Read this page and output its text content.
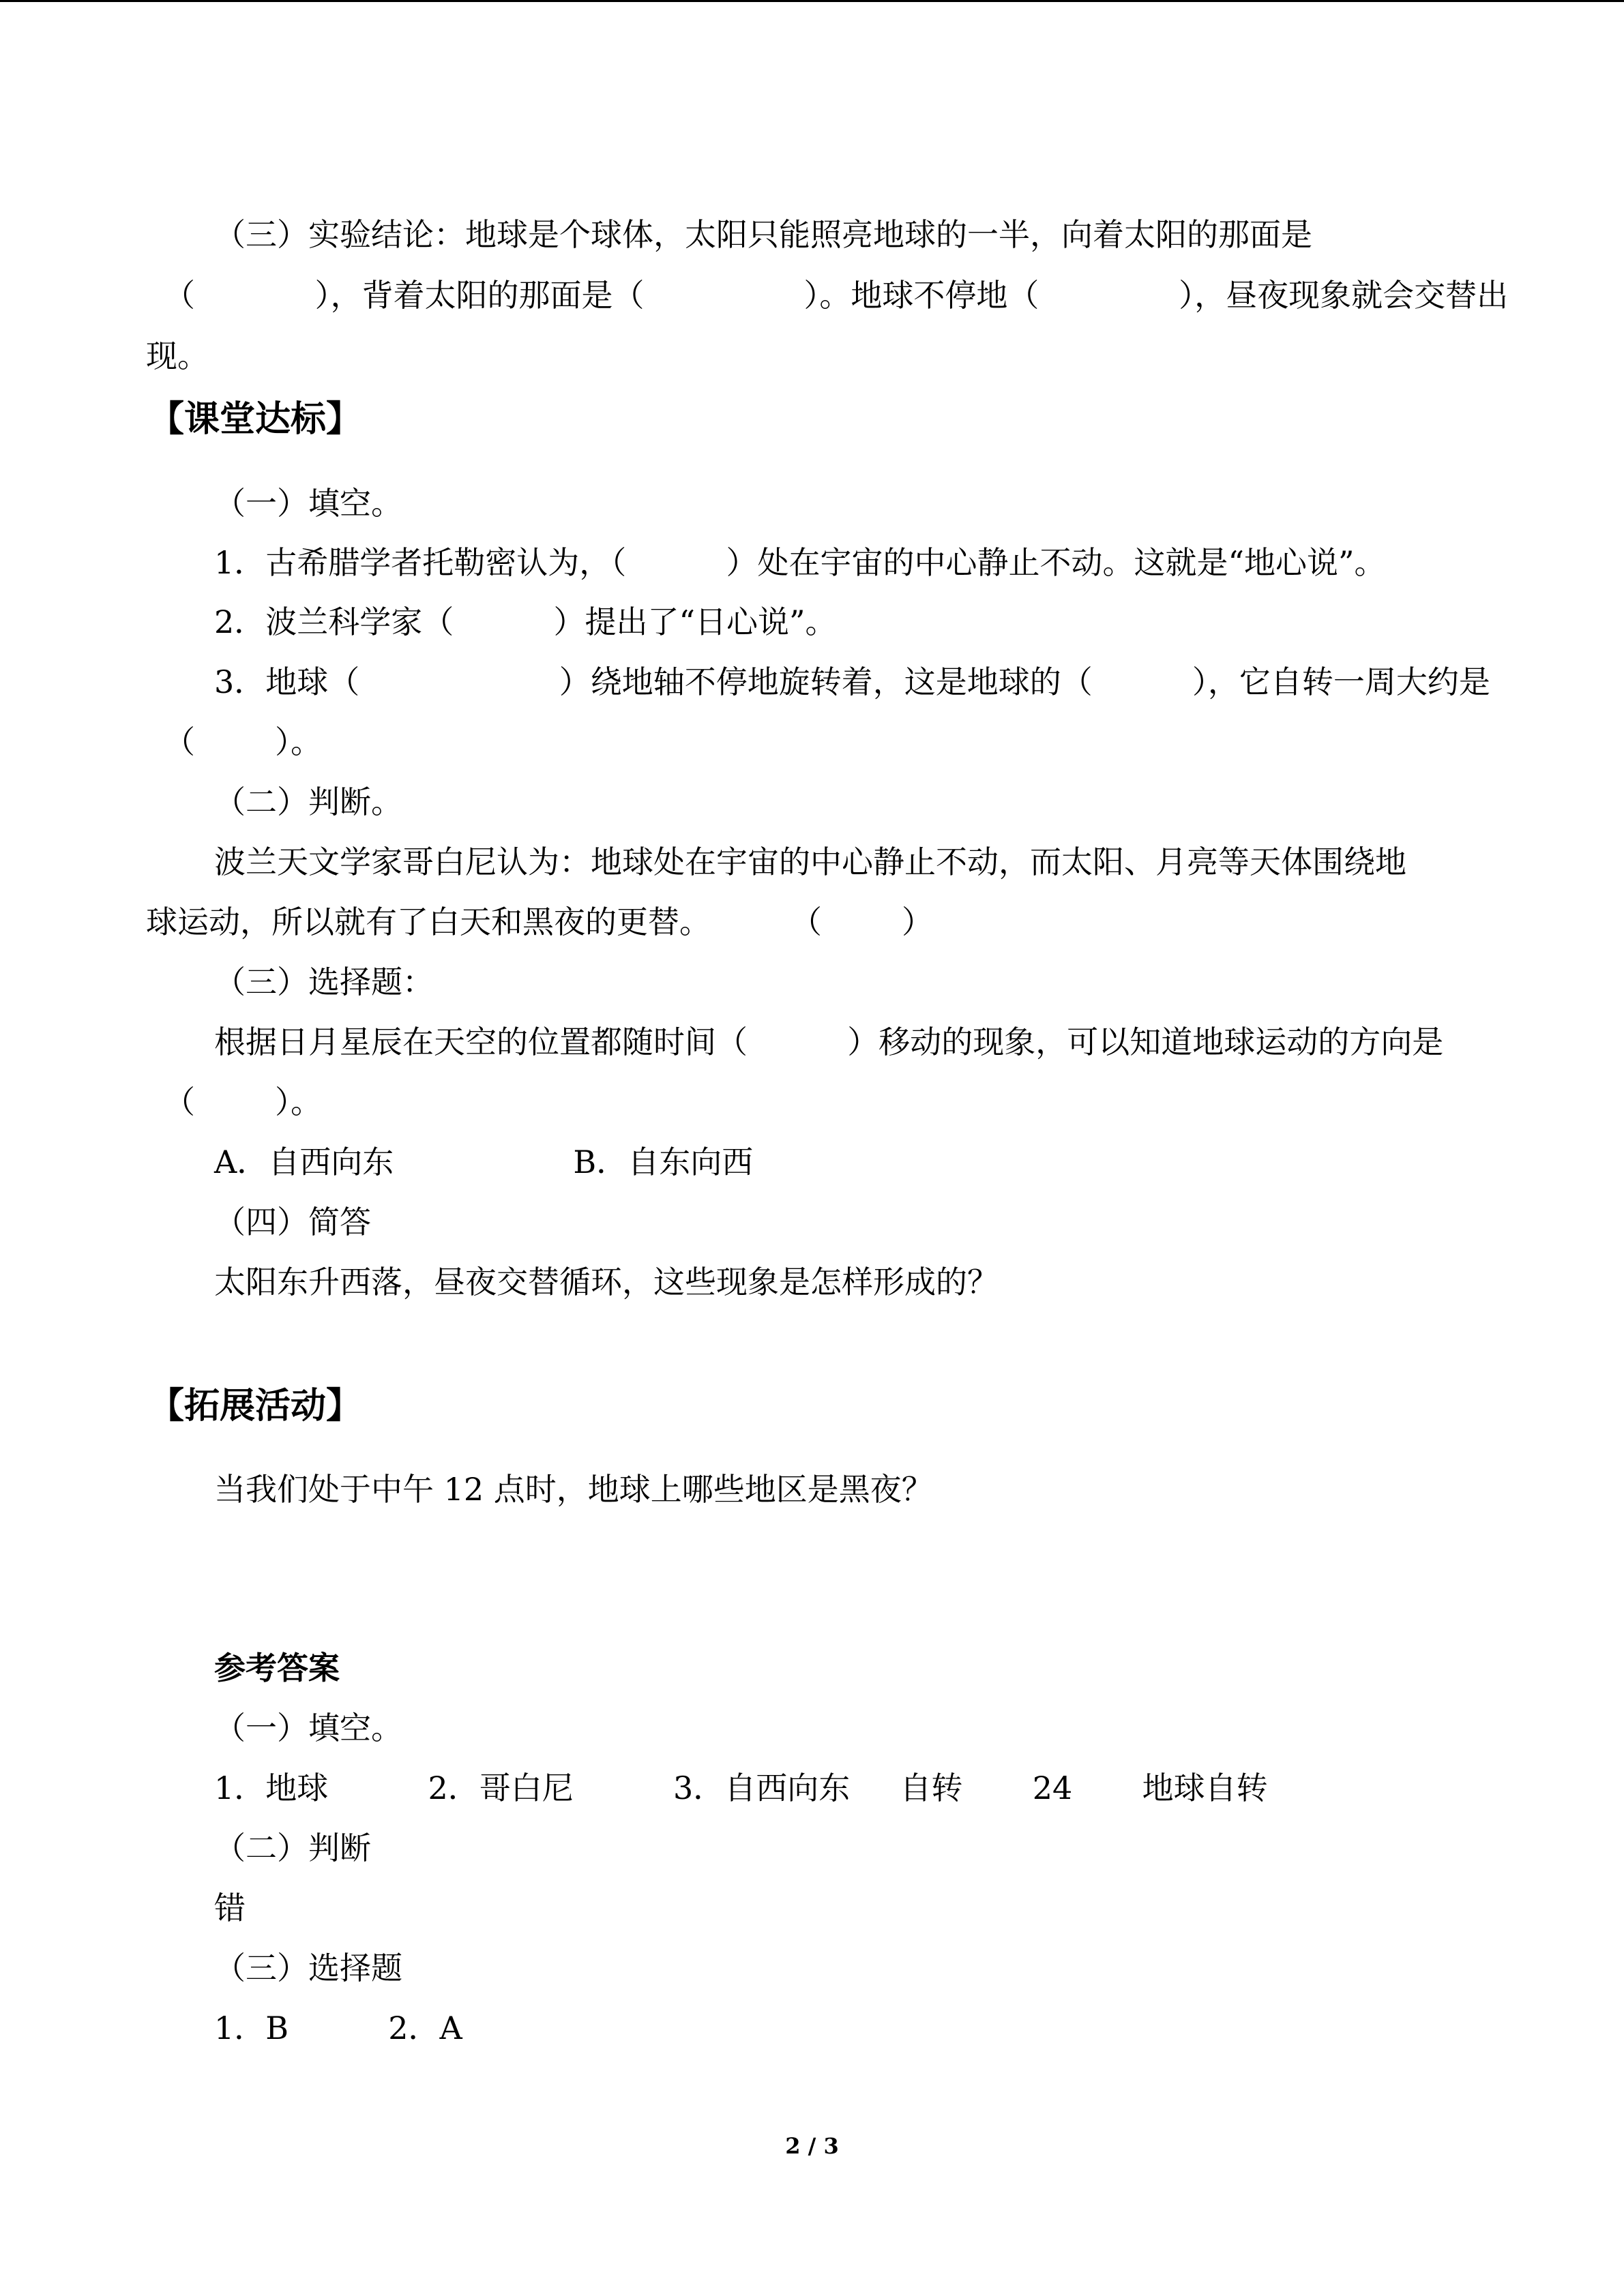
（三）实验结论：地球是个球体，太阳只能照亮地球的一半，向着太阳的那面是
（            ），背着太阳的那面是（                ）。地球不停地（              ），昼夜现象就会交替出
现。
【课堂达标】
（一）填空。
1．古希腊学者托勒密认为，（          ）处在宇宙的中心静止不动。这就是“地心说”。
2．波兰科学家（          ）提出了“日心说”。
3．地球（                    ）绕地轴不停地旋转着，这是地球的（          ），它自转一周大约是
（        ）。
（二）判断。
波兰天文学家哥白尼认为：地球处在宇宙的中心静止不动，而太阳、月亮等天体围绕地
球运动，所以就有了白天和黑夜的更替。        （        ）
（三）选择题：
根据日月星辰在天空的位置都随时间（          ）移动的现象，可以知道地球运动的方向是
（        ）。
A．自西向东                  B．自东向西
（四）简答
太阳东升西落，昼夜交替循环，这些现象是怎样形成的？
【拓展活动】
当我们处于中午 12 点时，地球上哪些地区是黑夜？
参考答案
（一）填空。
1．地球          2．哥白尼          3．自西向东     自转       24       地球自转
（二）判断
错
（三）选择题
1．B          2．A
2 / 3
